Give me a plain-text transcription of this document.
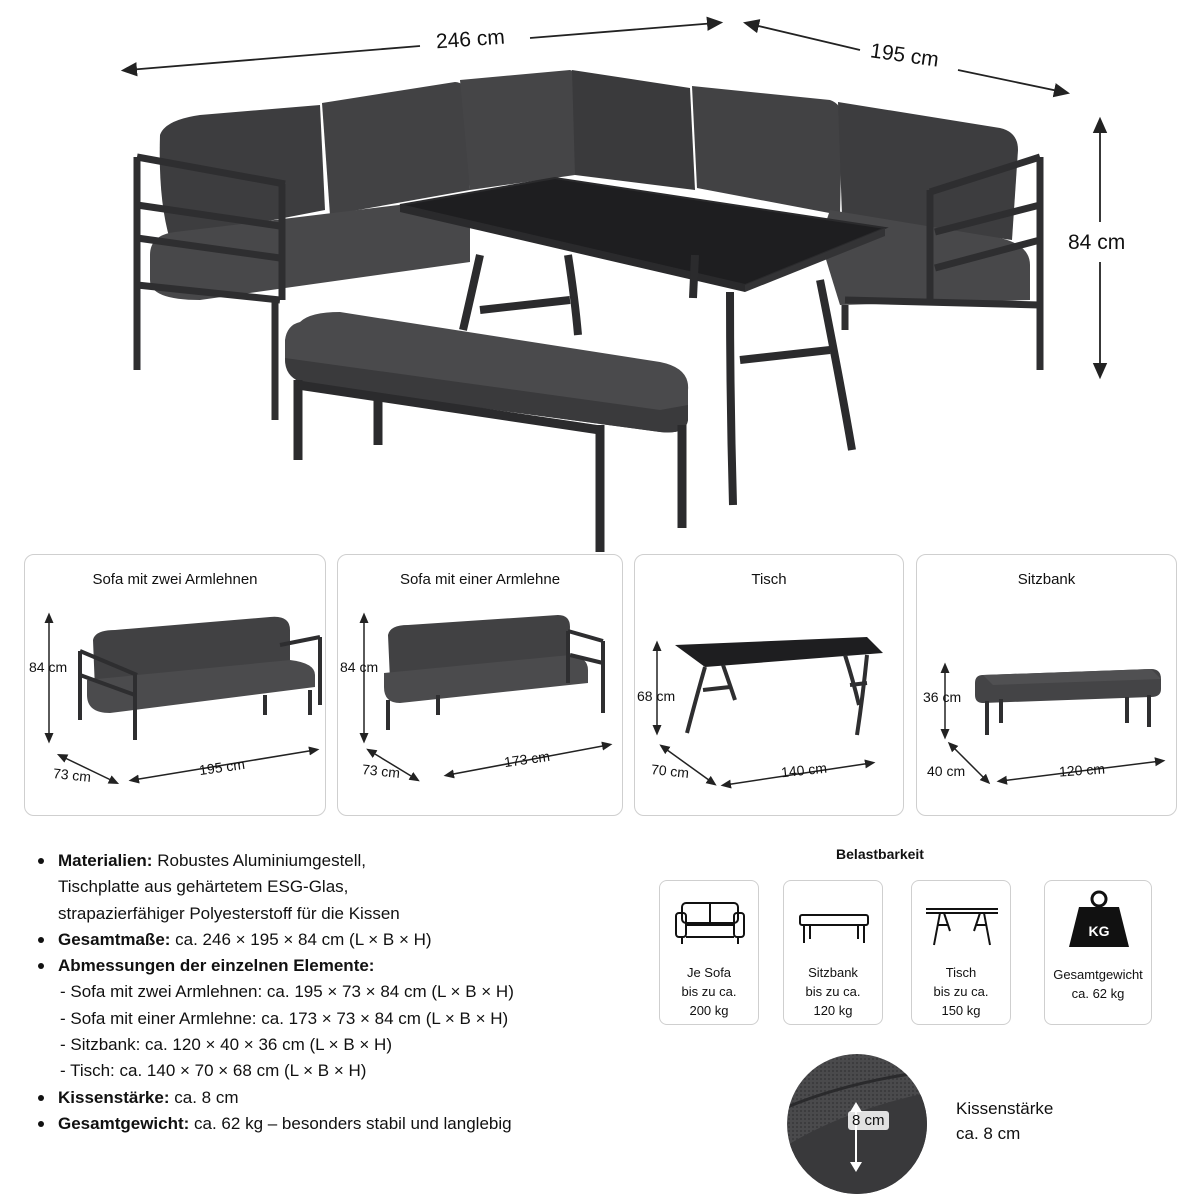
246 cm	195 cm
84 cm
Sofa mit zwei Armlehnen
84 cm
73 cm	195 cm
Sofa mit einer Armlehne
84 cm
73 cm
173 cm
Tisch
68 cm
70 cm	140 cm
Sitzbank
36 cm
40 cm	120 cm
Materialien: Robustes Aluminiumgestell,
Tischplatte aus gehärtetem ESG-Glas,
strapazierfähiger Polyesterstoff für die Kissen
Gesamtmaße: ca. 246 × 195 × 84 cm (L × B × H)
Abmessungen der einzelnen Elemente:
- Sofa mit zwei Armlehnen: ca. 195 × 73 × 84 cm (L × B × H)
- Sofa mit einer Armlehne: ca. 173 × 73 × 84 cm (L × B × H)
- Sitzbank: ca. 120 × 40 × 36 cm (L × B × H)
- Tisch: ca. 140 × 70 × 68 cm (L × B × H)
Kissenstärke: ca. 8 cm
Gesamtgewicht: ca. 62 kg – besonders stabil und langlebig
Belastbarkeit
Je Sofa
bis zu ca.
200 kg
Sitzbank
bis zu ca.
120 kg
Tisch
bis zu ca.
150 kg
KG
Gesamtgewicht
ca. 62 kg
8 cm
Kissenstärke
ca. 8 cm
